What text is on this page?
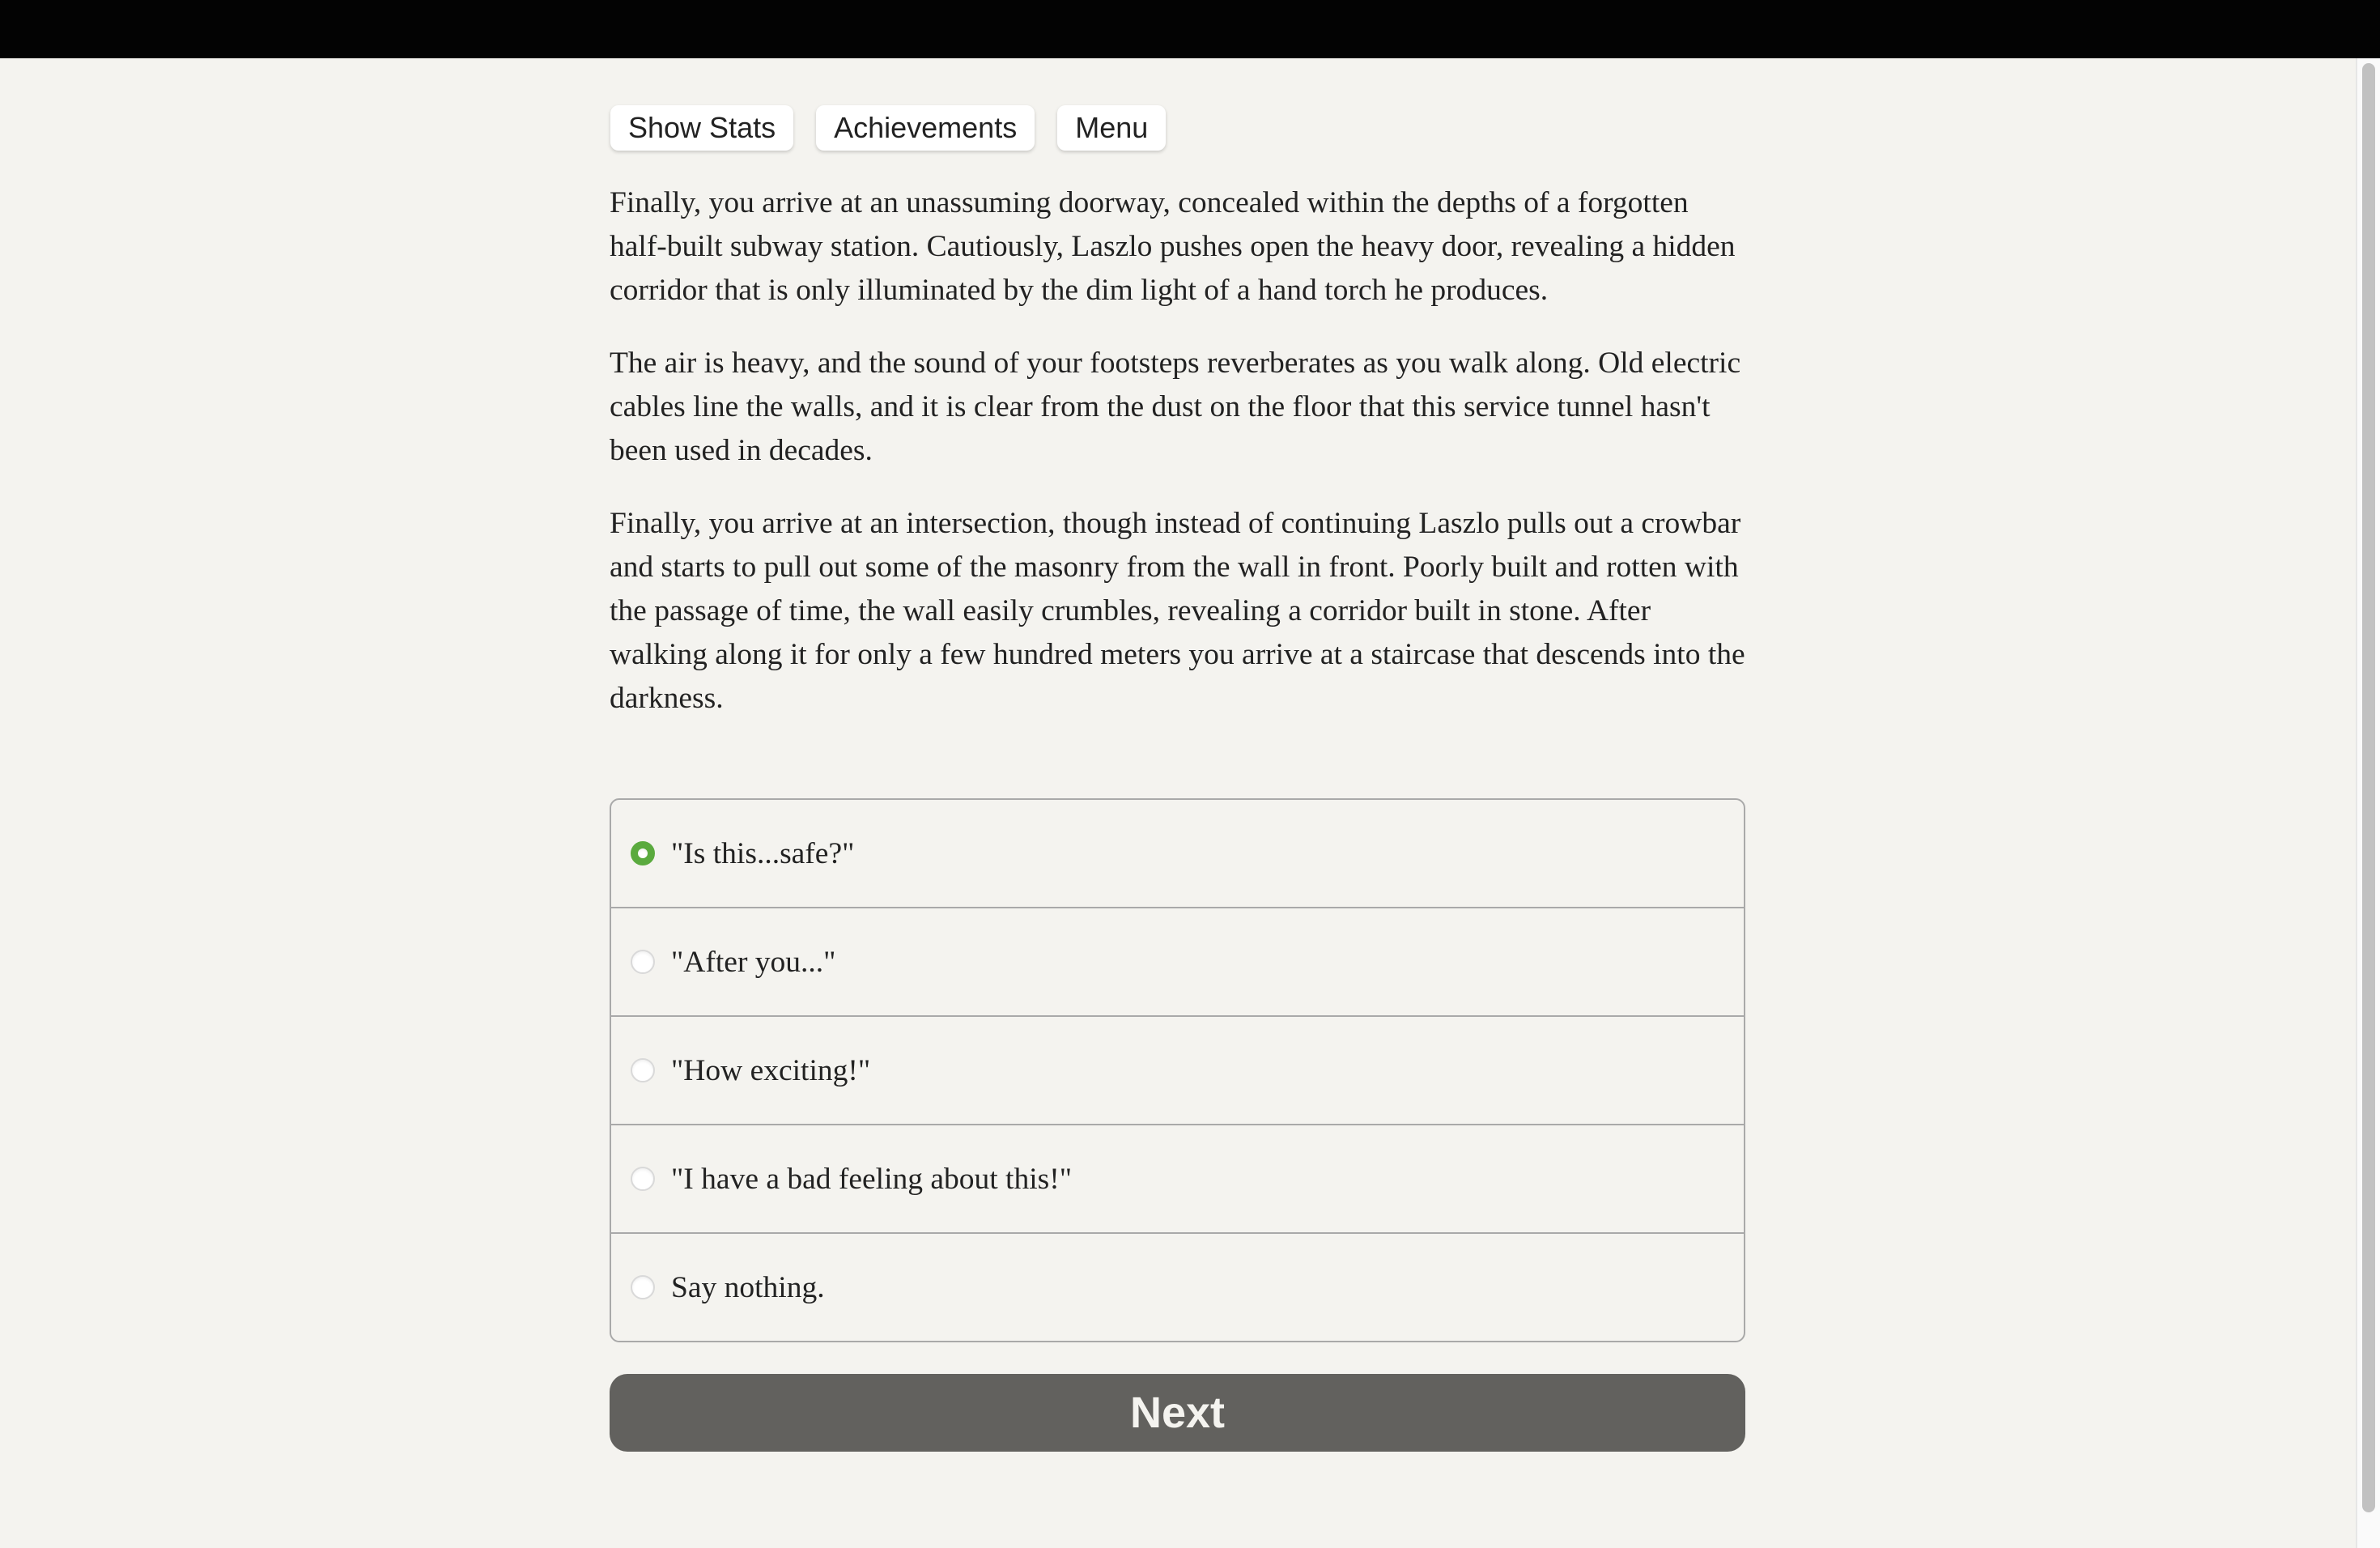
Show Stats	Achievements	Menu

Finally, you arrive at an unassuming doorway, concealed within the depths of a forgotten half-built subway station. Cautiously, Laszlo pushes open the heavy door, revealing a hidden corridor that is only illuminated by the dim light of a hand torch he produces.

The air is heavy, and the sound of your footsteps reverberates as you walk along. Old electric cables line the walls, and it is clear from the dust on the floor that this service tunnel hasn't been used in decades.

Finally, you arrive at an intersection, though instead of continuing Laszlo pulls out a crowbar and starts to pull out some of the masonry from the wall in front. Poorly built and rotten with the passage of time, the wall easily crumbles, revealing a corridor built in stone. After walking along it for only a few hundred meters you arrive at a staircase that descends into the darkness.

"Is this...safe?"
"After you..."
"How exciting!"
"I have a bad feeling about this!"
Say nothing.
Next
